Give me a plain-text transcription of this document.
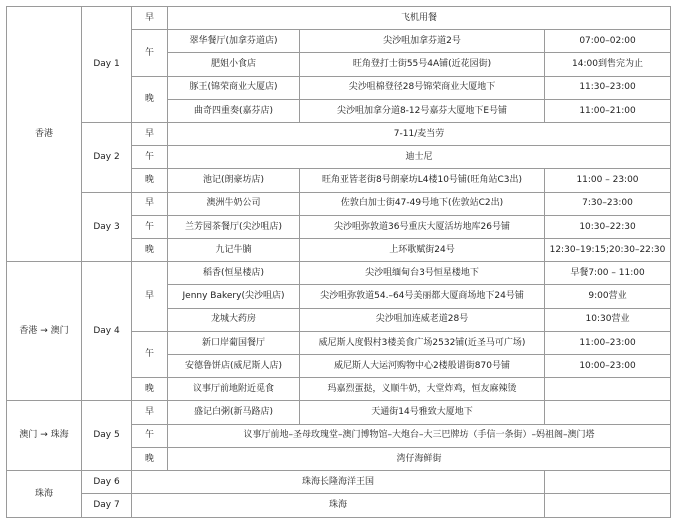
香港	Day 1	早	飞机用餐			
		午	翠华餐厅(加拿芬道店)	尖沙咀加拿芬道2号	07:00–02:00	
			肥姐小食店	旺角登打士街55号4A铺(近花园街)	14:00到售完为止	
		晚	豚王(锦荣商业大厦店)	尖沙咀棉登径28号锦荣商业大厦地下	11:30–23:00	
			曲奇四重奏(嘉芬店)	尖沙咀加拿分道8-12号嘉芬大厦地下E号铺	11:00–21:00	
	Day 2	早	7-11/麦当劳			
		午	迪士尼			
		晚	池记(朗豪坊店)	旺角亚皆老街8号朗豪坊L4楼10号铺(旺角站C3出)	11:00 – 23:00	
	Day 3	早	澳洲牛奶公司	佐敦白加士街47-49号地下(佐敦站C2出)	7:30–23:00	
		午	兰芳园茶餐厅(尖沙咀店)	尖沙咀弥敦道36号重庆大厦活坊地库26号铺	10:30–22:30	
		晚	九记牛腩	上环歌赋街24号	12:30–19:15;20:30–22:30	
香港 → 澳门	Day 4	早	稻香(恒星楼店)	尖沙咀缅甸台3号恒星楼地下	早餐7:00 – 11:00	
			Jenny Bakery(尖沙咀店)	尖沙咀弥敦道54.–64号美丽都大厦商场地下24号铺	9:00营业	
			龙城大药房	尖沙咀加连威老道28号	10:30营业	
		午	新口岸葡国餐厅	威尼斯人度假村3楼美食广场2532铺(近圣马可广场)	11:00–23:00	
			安德鲁饼店(威尼斯人店)	威尼斯人大运河购物中心2楼般谱街870号铺	10:00–23:00	
		晚	议事厅前地附近觅食	玛嘉烈蛋挞，义顺牛奶，大堂炸鸡，恒友麻辣烫		
澳门 → 珠海	Day 5	早	盛记白粥(新马路店)	天通街14号雅致大厦地下		
		午	议事厅前地–圣母玫瑰堂–澳门博物馆–大炮台–大三巴牌坊（手信一条街）–妈祖阁–澳门塔			
		晚	湾仔海鲜街			
珠海	Day 6	珠海长隆海洋王国				
	Day 7	珠海				
